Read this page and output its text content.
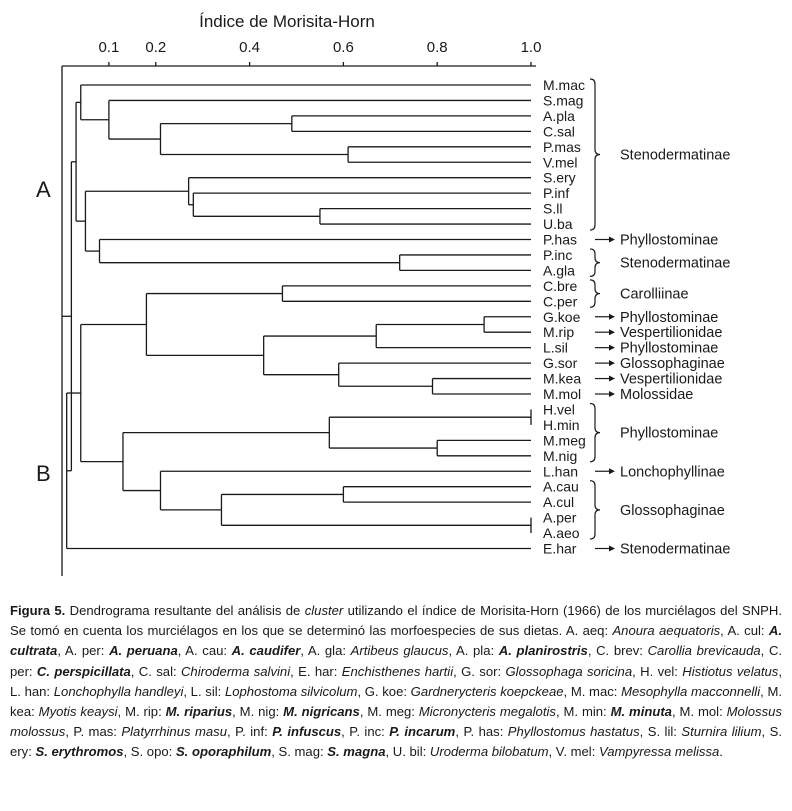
Índice de Morisita-Horn
0.1 0.2	0.4	0.6	0.8	1.0
M.mac
S.mag
A.pla
C.sal
P.mas
V.mel
S.ery
P.inf
S.ll
U.ba
P.has
P.inc
A.gla
C.bre
C.per
G.koe
M.rip
L.sil
G.sor
M.kea
M.mol
H.vel
H.min
M.meg
M.nig
L.han
A.cau
A.cul
A.per
A.aeo
E.har
Stenodermatinae
Phyllostominae
Stenodermatinae
Carolliinae
Phyllostominae
Vespertilionidae
Phyllostominae
Glossophaginae
Vespertilionidae
Molossidae
Phyllostominae
Lonchophyllinae
Glossophaginae
Stenodermatinae
A
B
Figura 5. Dendrograma resultante del análisis de cluster utilizando el índice de Morisita-Horn (1966) de los murciélagos del SNPH. Se tomó en cuenta los murciélagos en los que se determinó las morfoespecies de sus dietas. A. aeq: Anoura aequatoris, A. cul: A. cultrata, A. per: A. peruana, A. cau: A. caudifer, A. gla: Artibeus glaucus, A. pla: A. planirostris, C. brev: Carollia brevicauda, C. per: C. perspicillata, C. sal: Chiroderma salvini, E. har: Enchisthenes hartii, G. sor: Glossophaga soricina, H. vel: Histiotus velatus, L. han: Lonchophylla handleyi, L. sil: Lophostoma silvicolum, G. koe: Gardnerycteris koepckeae, M. mac: Mesophylla macconnelli, M. kea: Myotis keaysi, M. rip: M. riparius, M. nig: M. nigricans, M. meg: Micronycteris megalotis, M. min: M. minuta, M. mol: Molossus molossus, P. mas: Platyrrhinus masu, P. inf: P. infuscus, P. inc: P. incarum, P. has: Phyllostomus hastatus, S. lil: Sturnira lilium, S. ery: S. erythromos, S. opo: S. oporaphilum, S. mag: S. magna, U. bil: Uroderma bilobatum, V. mel: Vampyressa melissa.
